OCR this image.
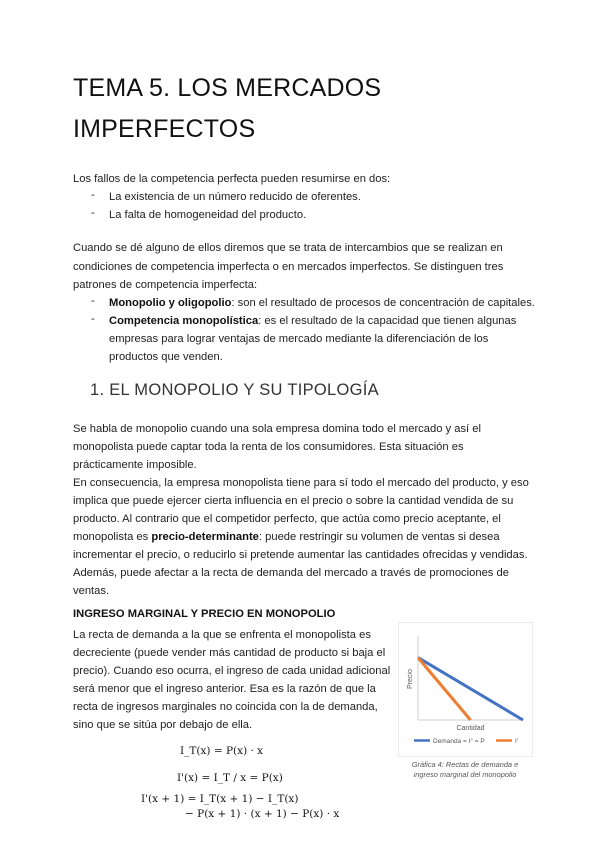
TEMA 5. LOS MERCADOS
IMPERFECTOS

Los fallos de la competencia perfecta pueden resumirse en dos:

- La existencia de un número reducido de oferentes.
- La falta de homogeneidad del producto.

Cuando se dé alguno de ellos diremos que se trata de intercambios que se realizan en

condiciones de competencia imperfecta o en mercados imperfectos. Se distinguen tres

patrones de competencia imperfecta:

- Monopolio y oligopolio: son el resultado de procesos de concentración de capitales.
- Competencia monopolística: es el resultado de la capacidad que tienen algunas
empresas para lograr ventajas de mercado mediante la diferenciación de los
productos que venden.
1. EL MONOPOLIO Y SU TIPOLOGÍA

Se habla de monopolio cuando una sola empresa domina todo el mercado y así el

monopolista puede captar toda la renta de los consumidores. Esta situación es

prácticamente imposible.

En consecuencia, la empresa monopolista tiene para sí todo el mercado del producto, y eso

implica que puede ejercer cierta influencia en el precio o sobre la cantidad vendida de su

producto. Al contrario que el competidor perfecto, que actúa como precio aceptante, el

monopolista es precio-determinante: puede restringir su volumen de ventas si desea

incrementar el precio, o reducirlo si pretende aumentar las cantidades ofrecidas y vendidas.

Además, puede afectar a la recta de demanda del mercado a través de promociones de

ventas.

INGRESO MARGINAL Y PRECIO EN MONOPOLIO

La recta de demanda a la que se enfrenta el monopolista es

decreciente (puede vender más cantidad de producto si baja el

precio). Cuando eso ocurra, el ingreso de cada unidad adicional

será menor que el ingreso anterior. Esa es la razón de que la

recta de ingresos marginales no coincida con la de demanda,

sino que se sitúa por debajo de ella.

I_T(x) = P(x) · x
I'(x) = I_T / x = P(x)
I'(x + 1) = I_T(x + 1) − I_T(x)
− P(x + 1) · (x + 1) − P(x) · x
Precio
Cantidad
Demanda = I° = P	I'
Gráfica 4: Rectas de demanda e
ingreso marginal del monopolio
